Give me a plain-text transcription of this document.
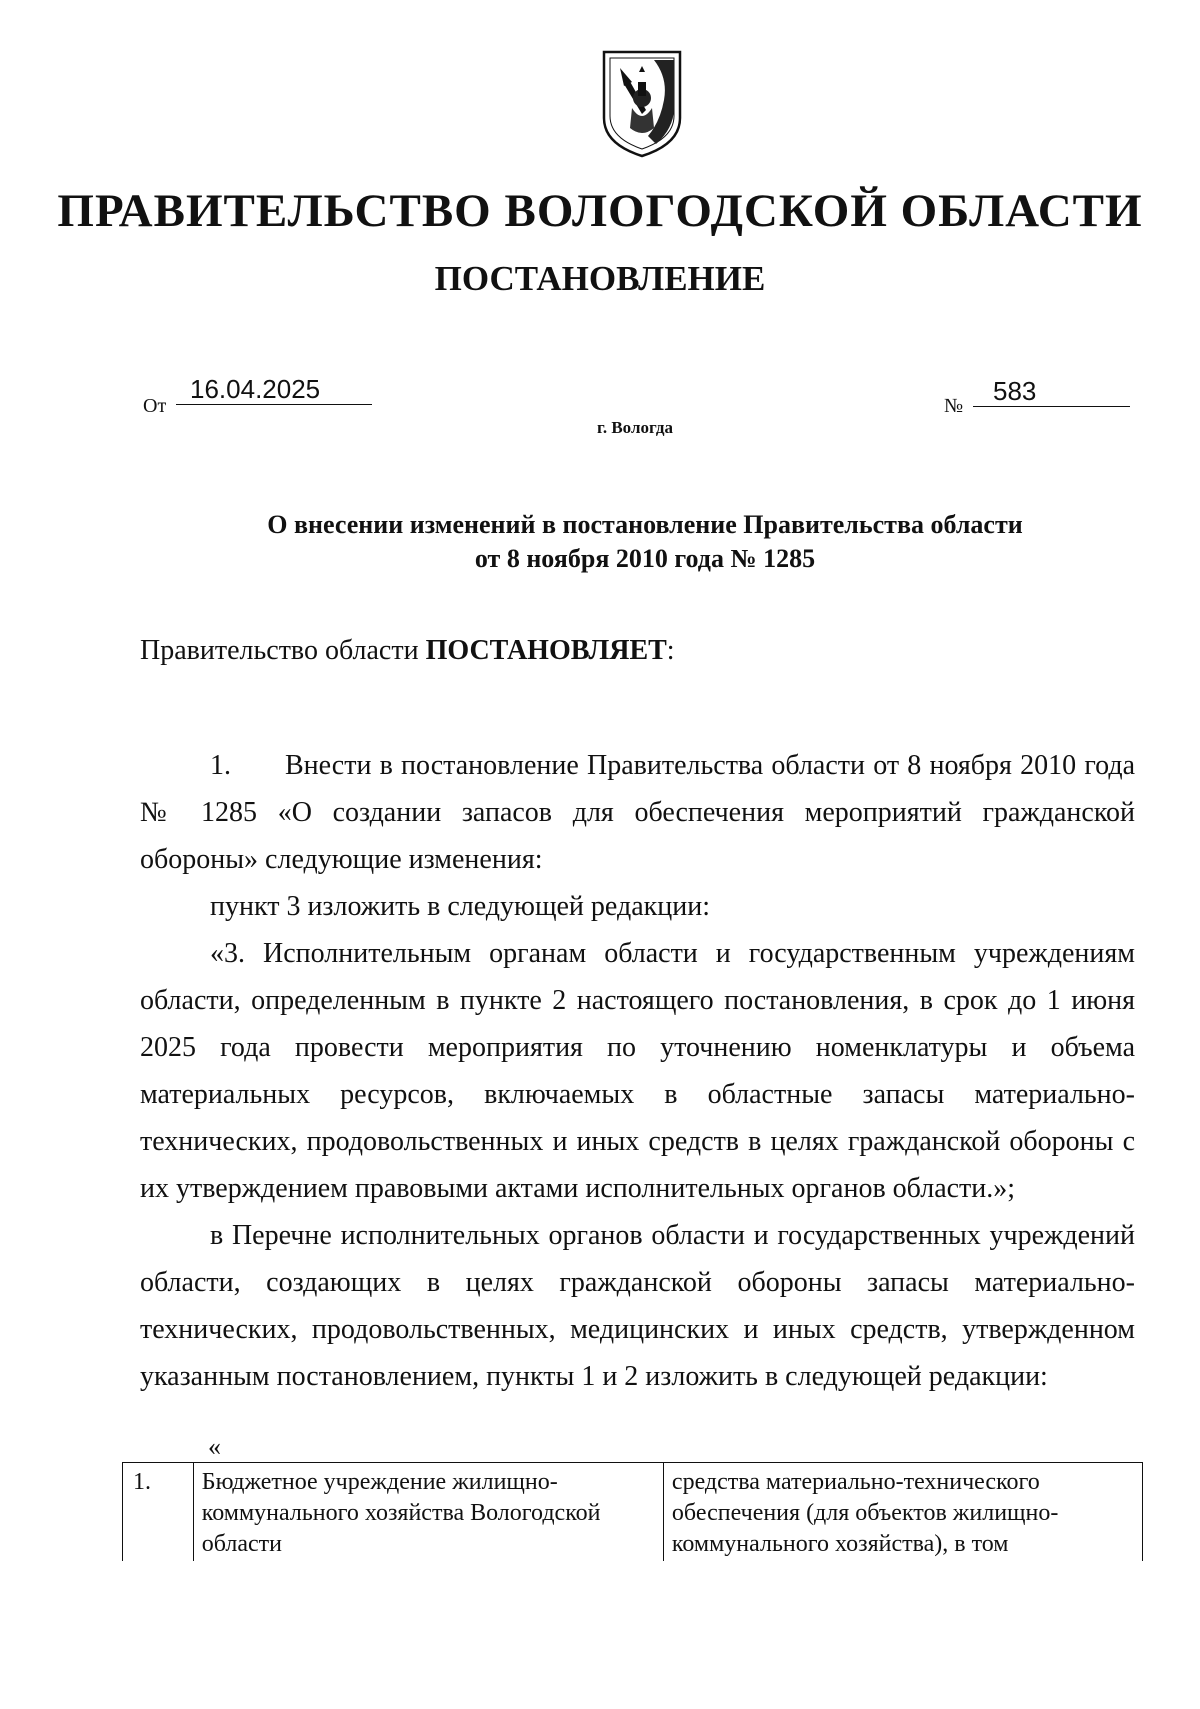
ПРАВИТЕЛЬСТВО ВОЛОГОДСКОЙ ОБЛАСТИ
ПОСТАНОВЛЕНИЕ
От
16.04.2025
г. Вологда
№	583
О внесении изменений в постановление Правительства области
от 8 ноября 2010 года № 1285
Правительство области ПОСТАНОВЛЯЕТ:

1. Внести в постановление Правительства области от 8 ноября 2010 года № 1285 «О создании запасов для обеспечения мероприятий гражданской обороны» следующие изменения:

пункт 3 изложить в следующей редакции:

«3. Исполнительным органам области и государственным учреждениям области, определенным в пункте 2 настоящего постановления, в срок до 1 июня 2025 года провести мероприятия по уточнению номенклатуры и объема материальных ресурсов, включаемых в областные запасы материально-технических, продовольственных и иных средств в целях гражданской обороны с их утверждением правовыми актами исполнительных органов области.»;

в Перечне исполнительных органов области и государственных учреждений области, создающих в целях гражданской обороны запасы материально-технических, продовольственных, медицинских и иных средств, утвержденном указанным постановлением, пункты 1 и 2 изложить в следующей редакции:

«
1.	Бюджетное учреждение жилищно-коммунального хозяйства Вологодской области	средства материально-технического обеспечения (для объектов жилищно-коммунального хозяйства), в том
